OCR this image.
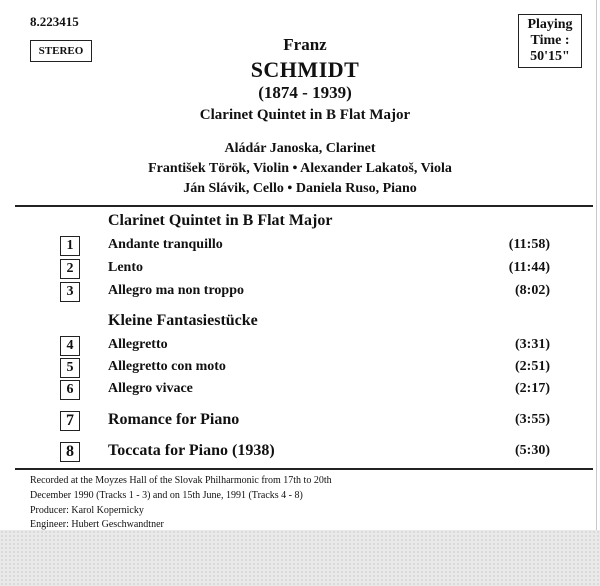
8.223415
STEREO
Playing
Time :
50'15"
Franz
SCHMIDT
(1874 - 1939)
Clarinet Quintet in B Flat Major
Aládár Janoska, Clarinet
František Török, Violin • Alexander Lakatoš, Viola
Ján Slávik, Cello • Daniela Ruso, Piano
Clarinet Quintet in B Flat Major
1	Andante tranquillo	(11:58)
2	Lento	(11:44)
3	Allegro ma non troppo	(8:02)
Kleine Fantasiestücke
4	Allegretto	(3:31)
5	Allegretto con moto	(2:51)
6	Allegro vivace	(2:17)
7	Romance for Piano	(3:55)
8	Toccata for Piano (1938)	(5:30)
Recorded at the Moyzes Hall of the Slovak Philharmonic from 17th to 20th
December 1990 (Tracks 1 - 3) and on 15th June, 1991 (Tracks 4 - 8)
Producer: Karol Kopernicky
Engineer: Hubert Geschwandtner
